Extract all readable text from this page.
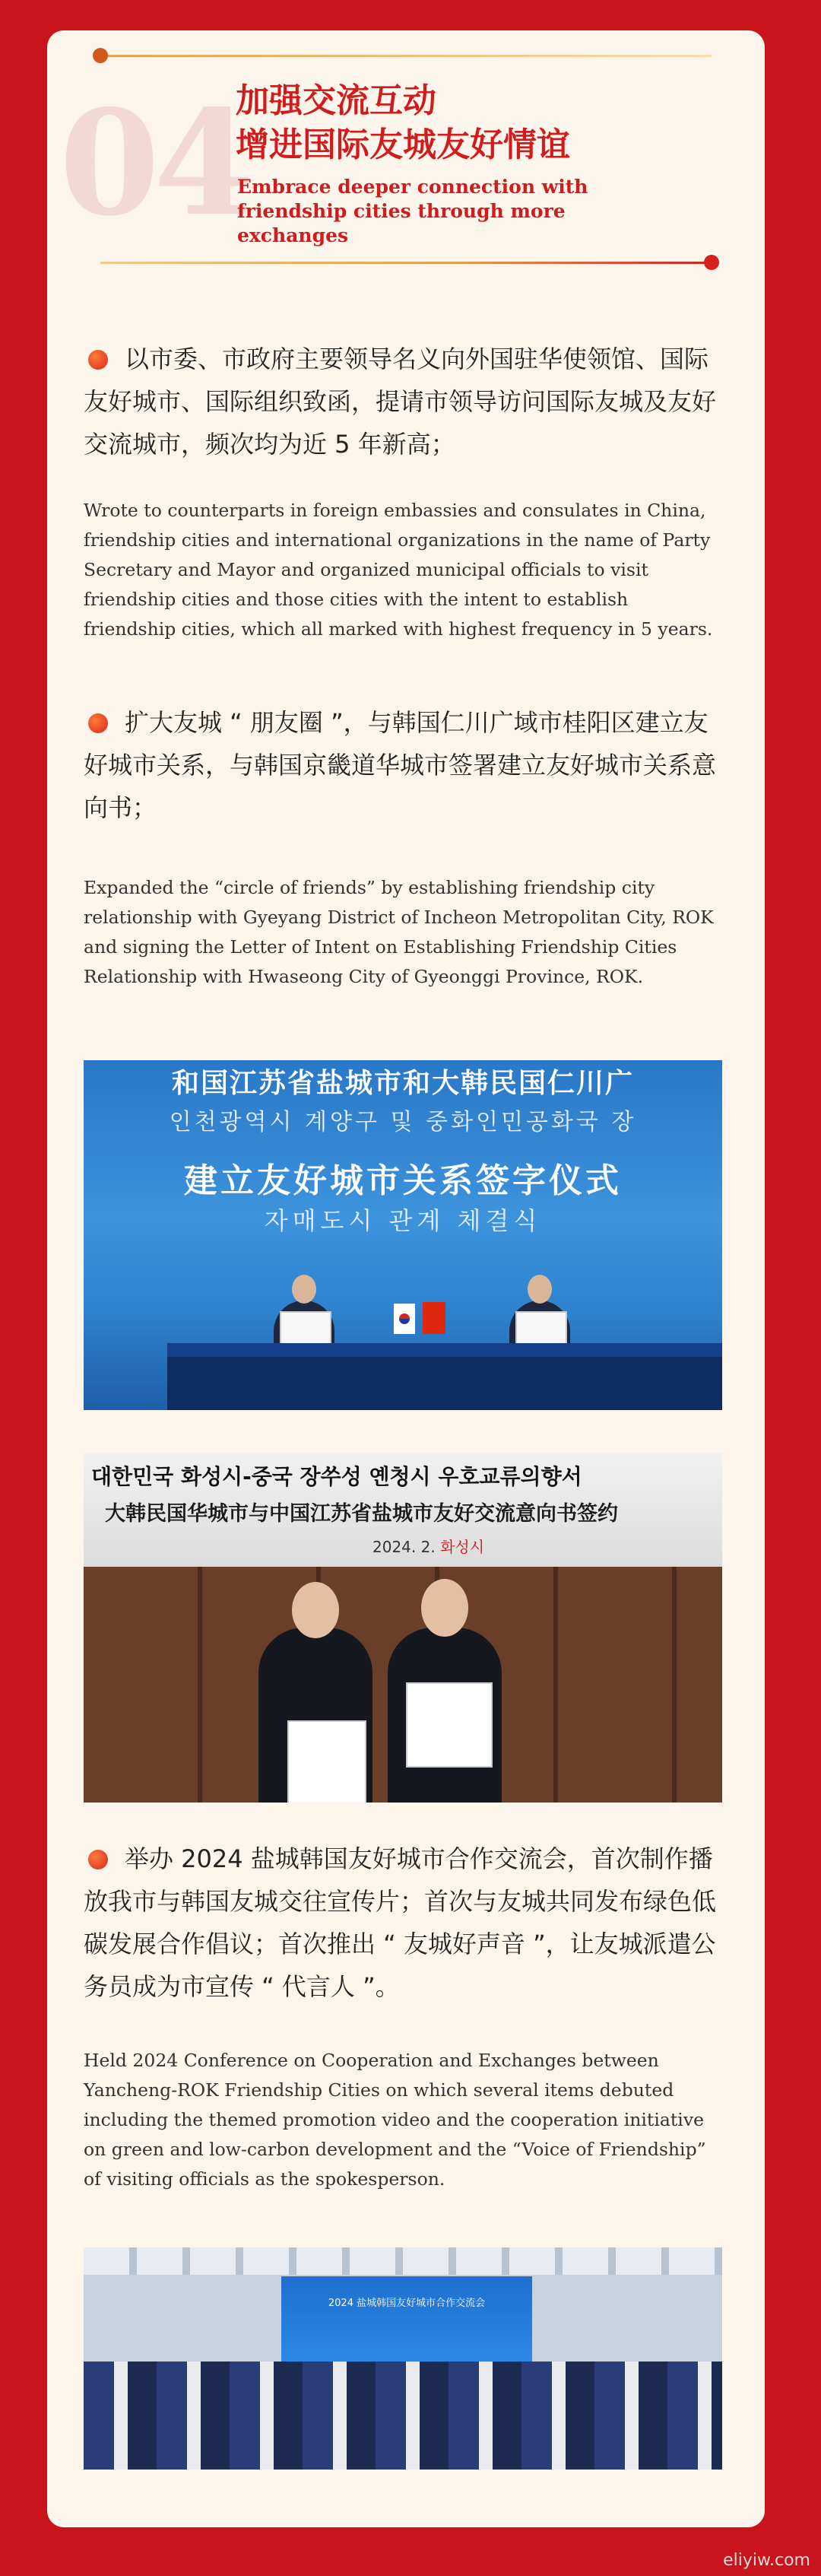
04
加强交流互动
增进国际友城友好情谊
Embrace deeper connection with
friendship cities through more exchanges
以市委、市政府主要领导名义向外国驻华使领馆、国际友好城市、国际组织致函，提请市领导访问国际友城及友好交流城市，频次均为近 5 年新高；
Wrote to counterparts in foreign embassies and consulates in China, friendship cities and international organizations in the name of Party Secretary and Mayor and organized municipal officials to visit friendship cities and those cities with the intent to establish friendship cities, which all marked with highest frequency in 5 years.
扩大友城 “ 朋友圈 ”，与韩国仁川广域市桂阳区建立友好城市关系，与韩国京畿道华城市签署建立友好城市关系意向书；
Expanded the “circle of friends” by establishing friendship city relationship with Gyeyang District of Incheon Metropolitan City, ROK and signing the Letter of Intent on Establishing Friendship Cities Relationship with Hwaseong City of Gyeonggi Province, ROK.
和国江苏省盐城市和大韩民国仁川广
인천광역시 계양구 및 중화인민공화국 장
建立友好城市关系签字仪式
자매도시 관계 체결식
대한민국 화성시-중국 장쑤성 옌청시 우호교류의향서
大韩民国华城市与中国江苏省盐城市友好交流意向书签约
2024. 2. 화성시
举办 2024 盐城韩国友好城市合作交流会，首次制作播放我市与韩国友城交往宣传片；首次与友城共同发布绿色低碳发展合作倡议；首次推出 “ 友城好声音 ”，让友城派遣公务员成为市宣传 “ 代言人 ”。
Held 2024 Conference on Cooperation and Exchanges between Yancheng-ROK Friendship Cities on which several items debuted including the themed promotion video and the cooperation initiative on green and low-carbon development and the “Voice of Friendship” of visiting officials as the spokesperson.
2024 盐城韩国友好城市合作交流会
eliyiw.com
